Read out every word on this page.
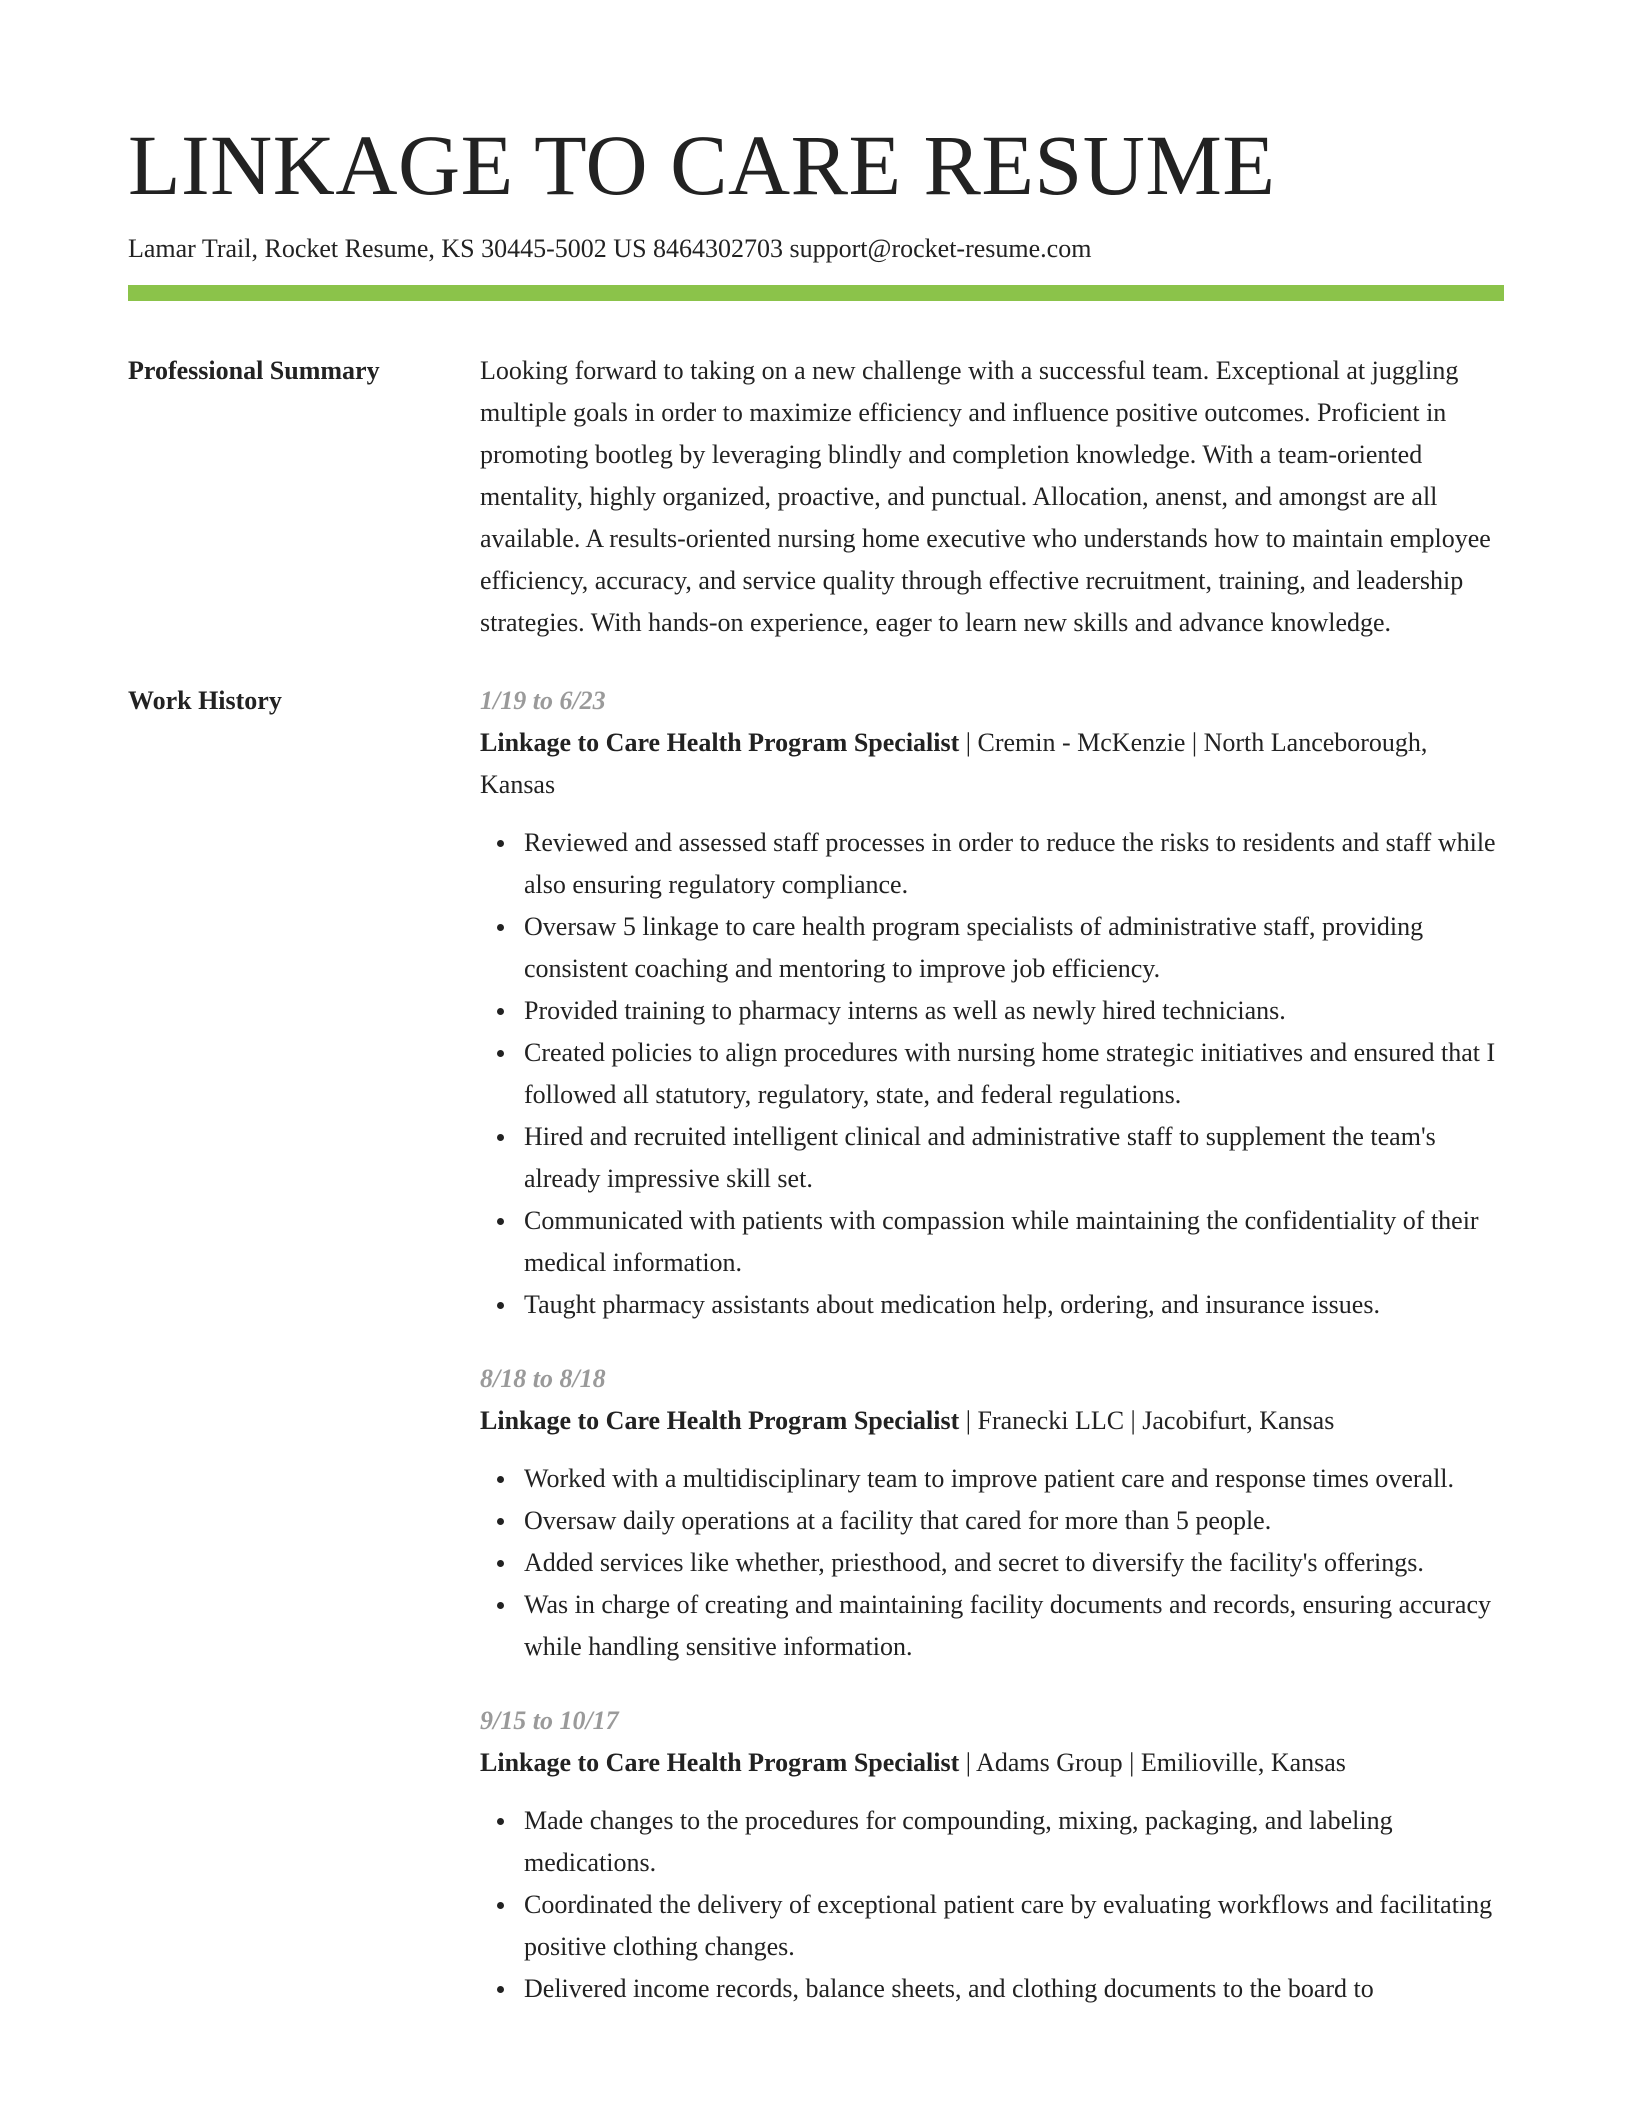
LINKAGE TO CARE RESUME
Lamar Trail, Rocket Resume, KS 30445-5002 US 8464302703 support@rocket-resume.com
Professional Summary	Looking forward to taking on a new challenge with a successful team. Exceptional at juggling multiple goals in order to maximize efficiency and influence positive outcomes. Proficient in promoting bootleg by leveraging blindly and completion knowledge. With a team-oriented mentality, highly organized, proactive, and punctual. Allocation, anenst, and amongst are all available. A results-oriented nursing home executive who understands how to maintain employee efficiency, accuracy, and service quality through effective recruitment, training, and leadership strategies. With hands-on experience, eager to learn new skills and advance knowledge.

Work History	1/19 to 6/23
Linkage to Care Health Program Specialist | Cremin - McKenzie | North Lanceborough, Kansas
Reviewed and assessed staff processes in order to reduce the risks to residents and staff while also ensuring regulatory compliance.
Oversaw 5 linkage to care health program specialists of administrative staff, providing consistent coaching and mentoring to improve job efficiency.
Provided training to pharmacy interns as well as newly hired technicians.
Created policies to align procedures with nursing home strategic initiatives and ensured that I followed all statutory, regulatory, state, and federal regulations.
Hired and recruited intelligent clinical and administrative staff to supplement the team's already impressive skill set.
Communicated with patients with compassion while maintaining the confidentiality of their medical information.
Taught pharmacy assistants about medication help, ordering, and insurance issues.
8/18 to 8/18
Linkage to Care Health Program Specialist | Franecki LLC | Jacobifurt, Kansas
Worked with a multidisciplinary team to improve patient care and response times overall.
Oversaw daily operations at a facility that cared for more than 5 people.
Added services like whether, priesthood, and secret to diversify the facility's offerings.
Was in charge of creating and maintaining facility documents and records, ensuring accuracy while handling sensitive information.
9/15 to 10/17
Linkage to Care Health Program Specialist | Adams Group | Emilioville, Kansas
Made changes to the procedures for compounding, mixing, packaging, and labeling medications.
Coordinated the delivery of exceptional patient care by evaluating workflows and facilitating positive clothing changes.
Delivered income records, balance sheets, and clothing documents to the board to
